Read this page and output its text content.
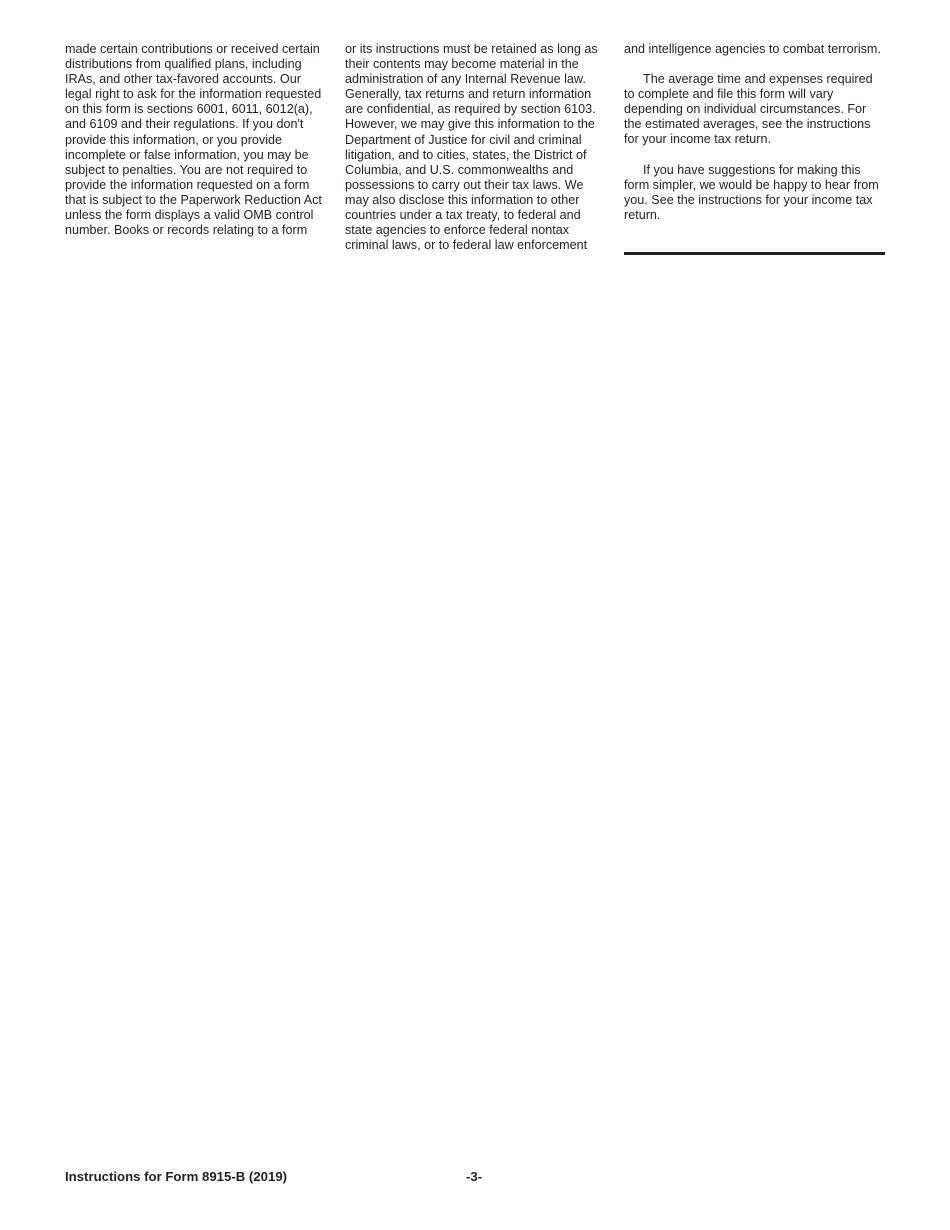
made certain contributions or received certain distributions from qualified plans, including IRAs, and other tax-favored accounts. Our legal right to ask for the information requested on this form is sections 6001, 6011, 6012(a), and 6109 and their regulations. If you don't provide this information, or you provide incomplete or false information, you may be subject to penalties. You are not required to provide the information requested on a form that is subject to the Paperwork Reduction Act unless the form displays a valid OMB control number. Books or records relating to a form

or its instructions must be retained as long as their contents may become material in the administration of any Internal Revenue law. Generally, tax returns and return information are confidential, as required by section 6103. However, we may give this information to the Department of Justice for civil and criminal litigation, and to cities, states, the District of Columbia, and U.S. commonwealths and possessions to carry out their tax laws. We may also disclose this information to other countries under a tax treaty, to federal and state agencies to enforce federal nontax criminal laws, or to federal law enforcement

and intelligence agencies to combat terrorism.

The average time and expenses required to complete and file this form will vary depending on individual circumstances. For the estimated averages, see the instructions for your income tax return.

If you have suggestions for making this form simpler, we would be happy to hear from you. See the instructions for your income tax return.

Instructions for Form 8915-B (2019)	-3-
